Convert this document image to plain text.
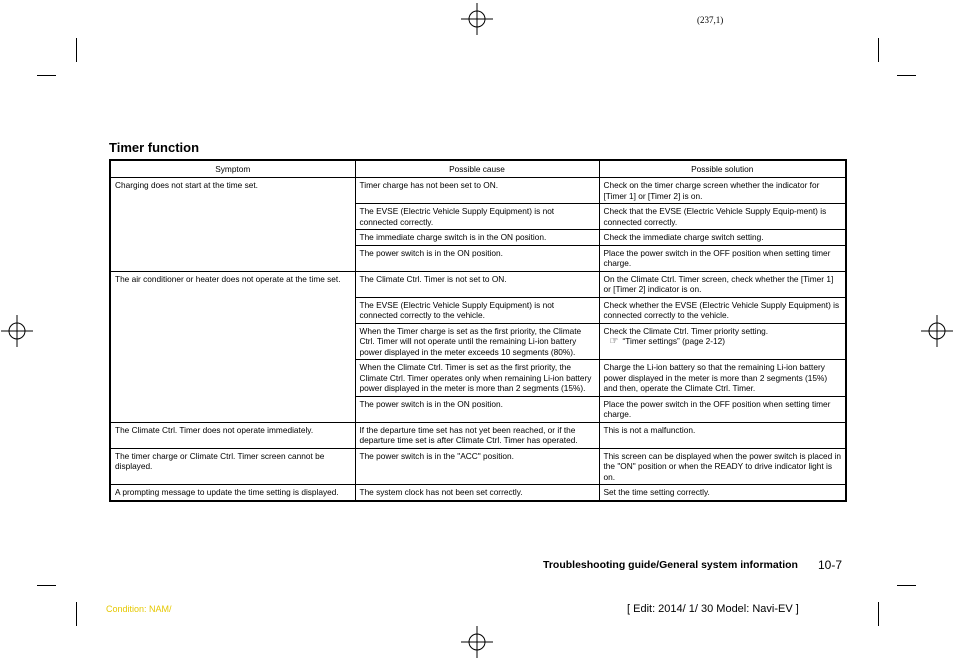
(237,1)
Timer function
Symptom	Possible cause	Possible solution
Charging does not start at the time set.	Timer charge has not been set to ON.	Check on the timer charge screen whether the indicator for [Timer 1] or [Timer 2] is on.
	The EVSE (Electric Vehicle Supply Equipment) is not connected correctly.	Check that the EVSE (Electric Vehicle Supply Equip-ment) is connected correctly.
	The immediate charge switch is in the ON position.	Check the immediate charge switch setting.
	The power switch is in the ON position.	Place the power switch in the OFF position when setting timer charge.
The air conditioner or heater does not operate at the time set.	The Climate Ctrl. Timer is not set to ON.	On the Climate Ctrl. Timer screen, check whether the [Timer 1] or [Timer 2] indicator is on.
	The EVSE (Electric Vehicle Supply Equipment) is not connected correctly to the vehicle.	Check whether the EVSE (Electric Vehicle Supply Equipment) is connected correctly to the vehicle.
	When the Timer charge is set as the first priority, the Climate Ctrl. Timer will not operate until the remaining Li-ion battery power displayed in the meter exceeds 10 segments (80%).	Check the Climate Ctrl. Timer priority setting.
☞ “Timer settings” (page 2-12)

	When the Climate Ctrl. Timer is set as the first priority, the Climate Ctrl. Timer operates only when remaining Li-ion battery power displayed in the meter is more than 2 segments (15%).	Charge the Li-ion battery so that the remaining Li-ion battery power displayed in the meter is more than 2 segments (15%) and then, operate the Climate Ctrl. Timer.
	The power switch is in the ON position.	Place the power switch in the OFF position when setting timer charge.
The Climate Ctrl. Timer does not operate immediately.	If the departure time set has not yet been reached, or if the departure time set is after Climate Ctrl. Timer has operated.	This is not a malfunction.
The timer charge or Climate Ctrl. Timer screen cannot be displayed.	The power switch is in the "ACC" position.	This screen can be displayed when the power switch is placed in the "ON" position or when the READY to drive indicator light is on.
A prompting message to update the time setting is displayed.	The system clock has not been set correctly.	Set the time setting correctly.
Troubleshooting guide/General system information 10-7
Condition: NAM/	[ Edit: 2014/ 1/ 30 Model: Navi-EV ]
